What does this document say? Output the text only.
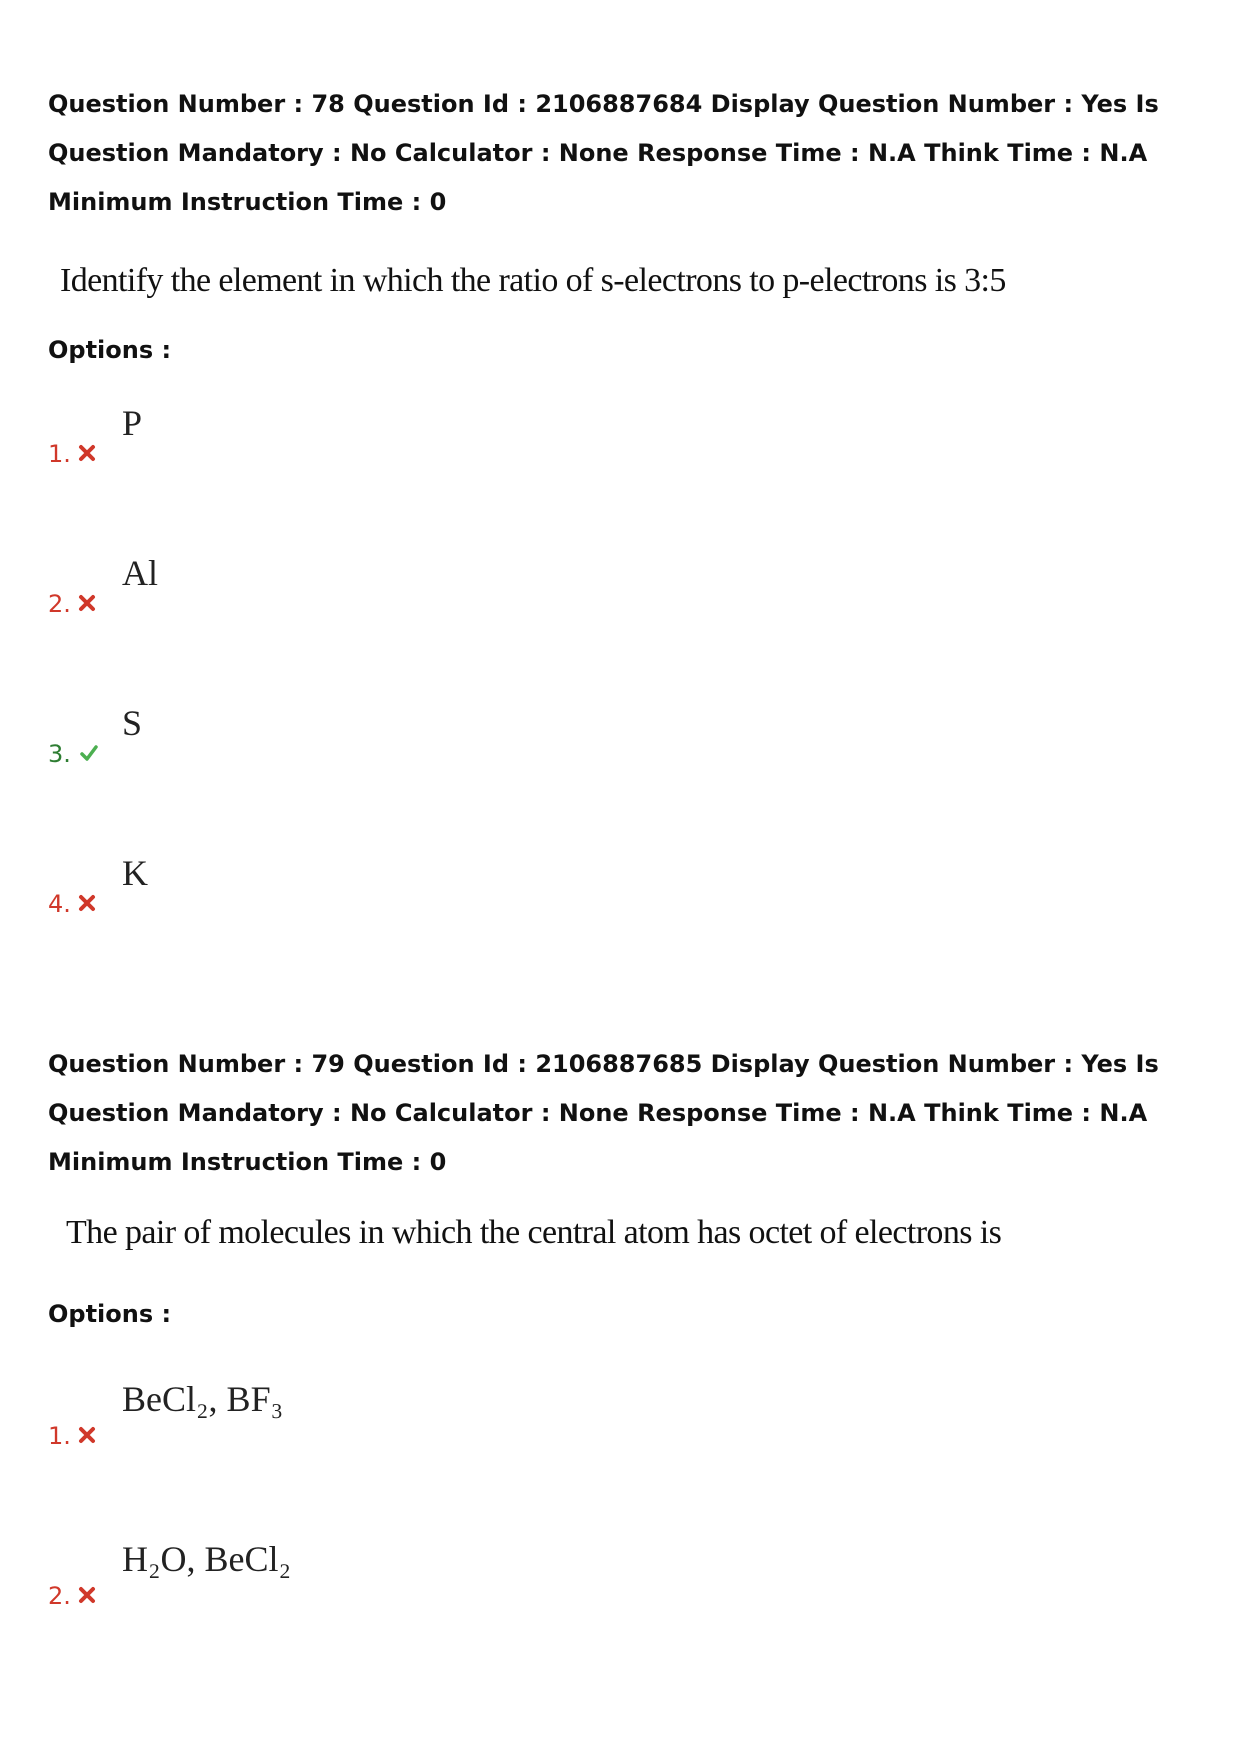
Question Number : 78 Question Id : 2106887684 Display Question Number : Yes Is Question Mandatory : No Calculator : None Response Time : N.A Think Time : N.A Minimum Instruction Time : 0

Identify the element in which the ratio of s-electrons to p-electrons is 3:5
Options :
1.
P
2.
Al
3.
S
4.
K

Question Number : 79 Question Id : 2106887685 Display Question Number : Yes Is Question Mandatory : No Calculator : None Response Time : N.A Think Time : N.A Minimum Instruction Time : 0

The pair of molecules in which the central atom has octet of electrons is
Options :
1.
BeCl₂, BF₃
2.
H₂O, BeCl₂
